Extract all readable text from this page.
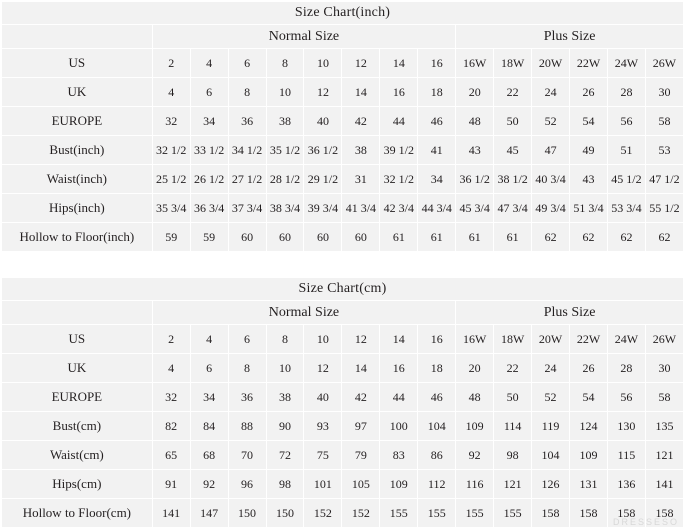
Size Chart(inch)														
	Normal Size								Plus Size					
US	2	4	6	8	10	12	14	16	16W	18W	20W	22W	24W	26W
UK	4	6	8	10	12	14	16	18	20	22	24	26	28	30
EUROPE	32	34	36	38	40	42	44	46	48	50	52	54	56	58
Bust(inch)	32 1/2	33 1/2	34 1/2	35 1/2	36 1/2	38	39 1/2	41	43	45	47	49	51	53
Waist(inch)	25 1/2	26 1/2	27 1/2	28 1/2	29 1/2	31	32 1/2	34	36 1/2	38 1/2	40 3/4	43	45 1/2	47 1/2
Hips(inch)	35 3/4	36 3/4	37 3/4	38 3/4	39 3/4	41 3/4	42 3/4	44 3/4	45 3/4	47 3/4	49 3/4	51 3/4	53 3/4	55 1/2
Hollow to Floor(inch)	59	59	60	60	60	60	61	61	61	61	62	62	62	62
Size Chart(cm)														
	Normal Size								Plus Size					
US	2	4	6	8	10	12	14	16	16W	18W	20W	22W	24W	26W
UK	4	6	8	10	12	14	16	18	20	22	24	26	28	30
EUROPE	32	34	36	38	40	42	44	46	48	50	52	54	56	58
Bust(cm)	82	84	88	90	93	97	100	104	109	114	119	124	130	135
Waist(cm)	65	68	70	72	75	79	83	86	92	98	104	109	115	121
Hips(cm)	91	92	96	98	101	105	109	112	116	121	126	131	136	141
Hollow to Floor(cm)	141	147	150	150	152	152	155	155	155	155	158	158	158	158
DRESSESO
